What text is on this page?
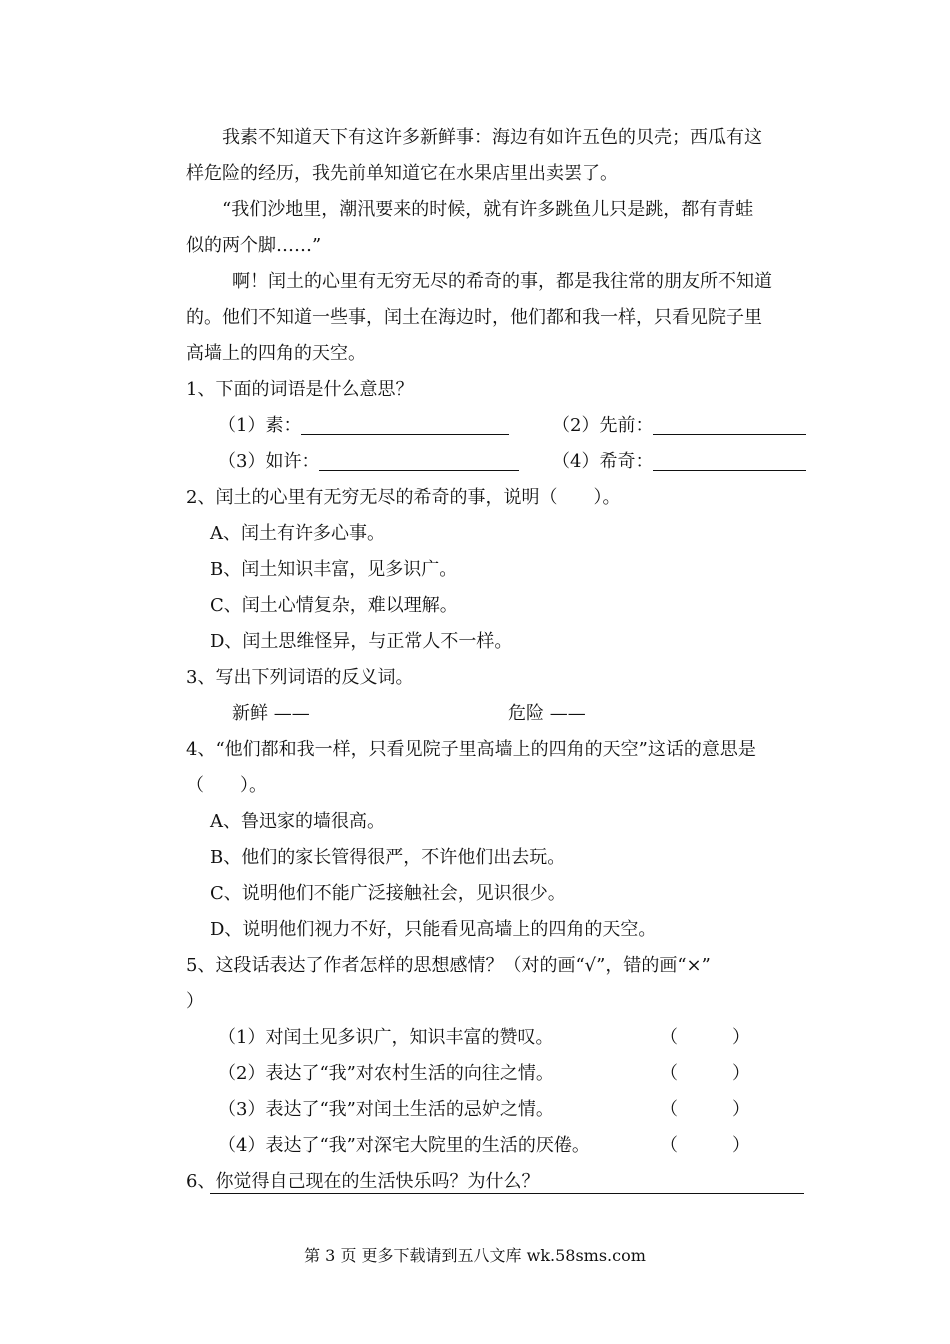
我素不知道天下有这许多新鲜事：海边有如许五色的贝壳；西瓜有这
样危险的经历，我先前单知道它在水果店里出卖罢了。
“我们沙地里，潮汛要来的时候，就有许多跳鱼儿只是跳，都有青蛙
似的两个脚……”
啊！闰土的心里有无穷无尽的希奇的事，都是我往常的朋友所不知道
的。他们不知道一些事，闰土在海边时，他们都和我一样，只看见院子里
高墙上的四角的天空。
1、下面的词语是什么意思？
（1）素：	（2）先前：
（3）如许：	（4）希奇：
2、闰土的心里有无穷无尽的希奇的事，说明（　　）。
A、闰土有许多心事。
B、闰土知识丰富，见多识广。
C、闰土心情复杂，难以理解。
D、闰土思维怪异，与正常人不一样。
3、写出下列词语的反义词。
新鲜 ——	危险 ——
4、“他们都和我一样，只看见院子里高墙上的四角的天空”这话的意思是
（　　）。
A、鲁迅家的墙很高。
B、他们的家长管得很严，不许他们出去玩。
C、说明他们不能广泛接触社会，见识很少。
D、说明他们视力不好，只能看见高墙上的四角的天空。
5、这段话表达了作者怎样的思想感情？（对的画“√”，错的画“×”
）
（1）对闰土见多识广，知识丰富的赞叹。	（　　　）
（2）表达了“我”对农村生活的向往之情。	（　　　）
（3）表达了“我”对闰土生活的忌妒之情。	（　　　）
（4）表达了“我”对深宅大院里的生活的厌倦。	（　　　）
6、你觉得自己现在的生活快乐吗？为什么？
第 3 页 更多下载请到五八文库 wk.58sms.com
